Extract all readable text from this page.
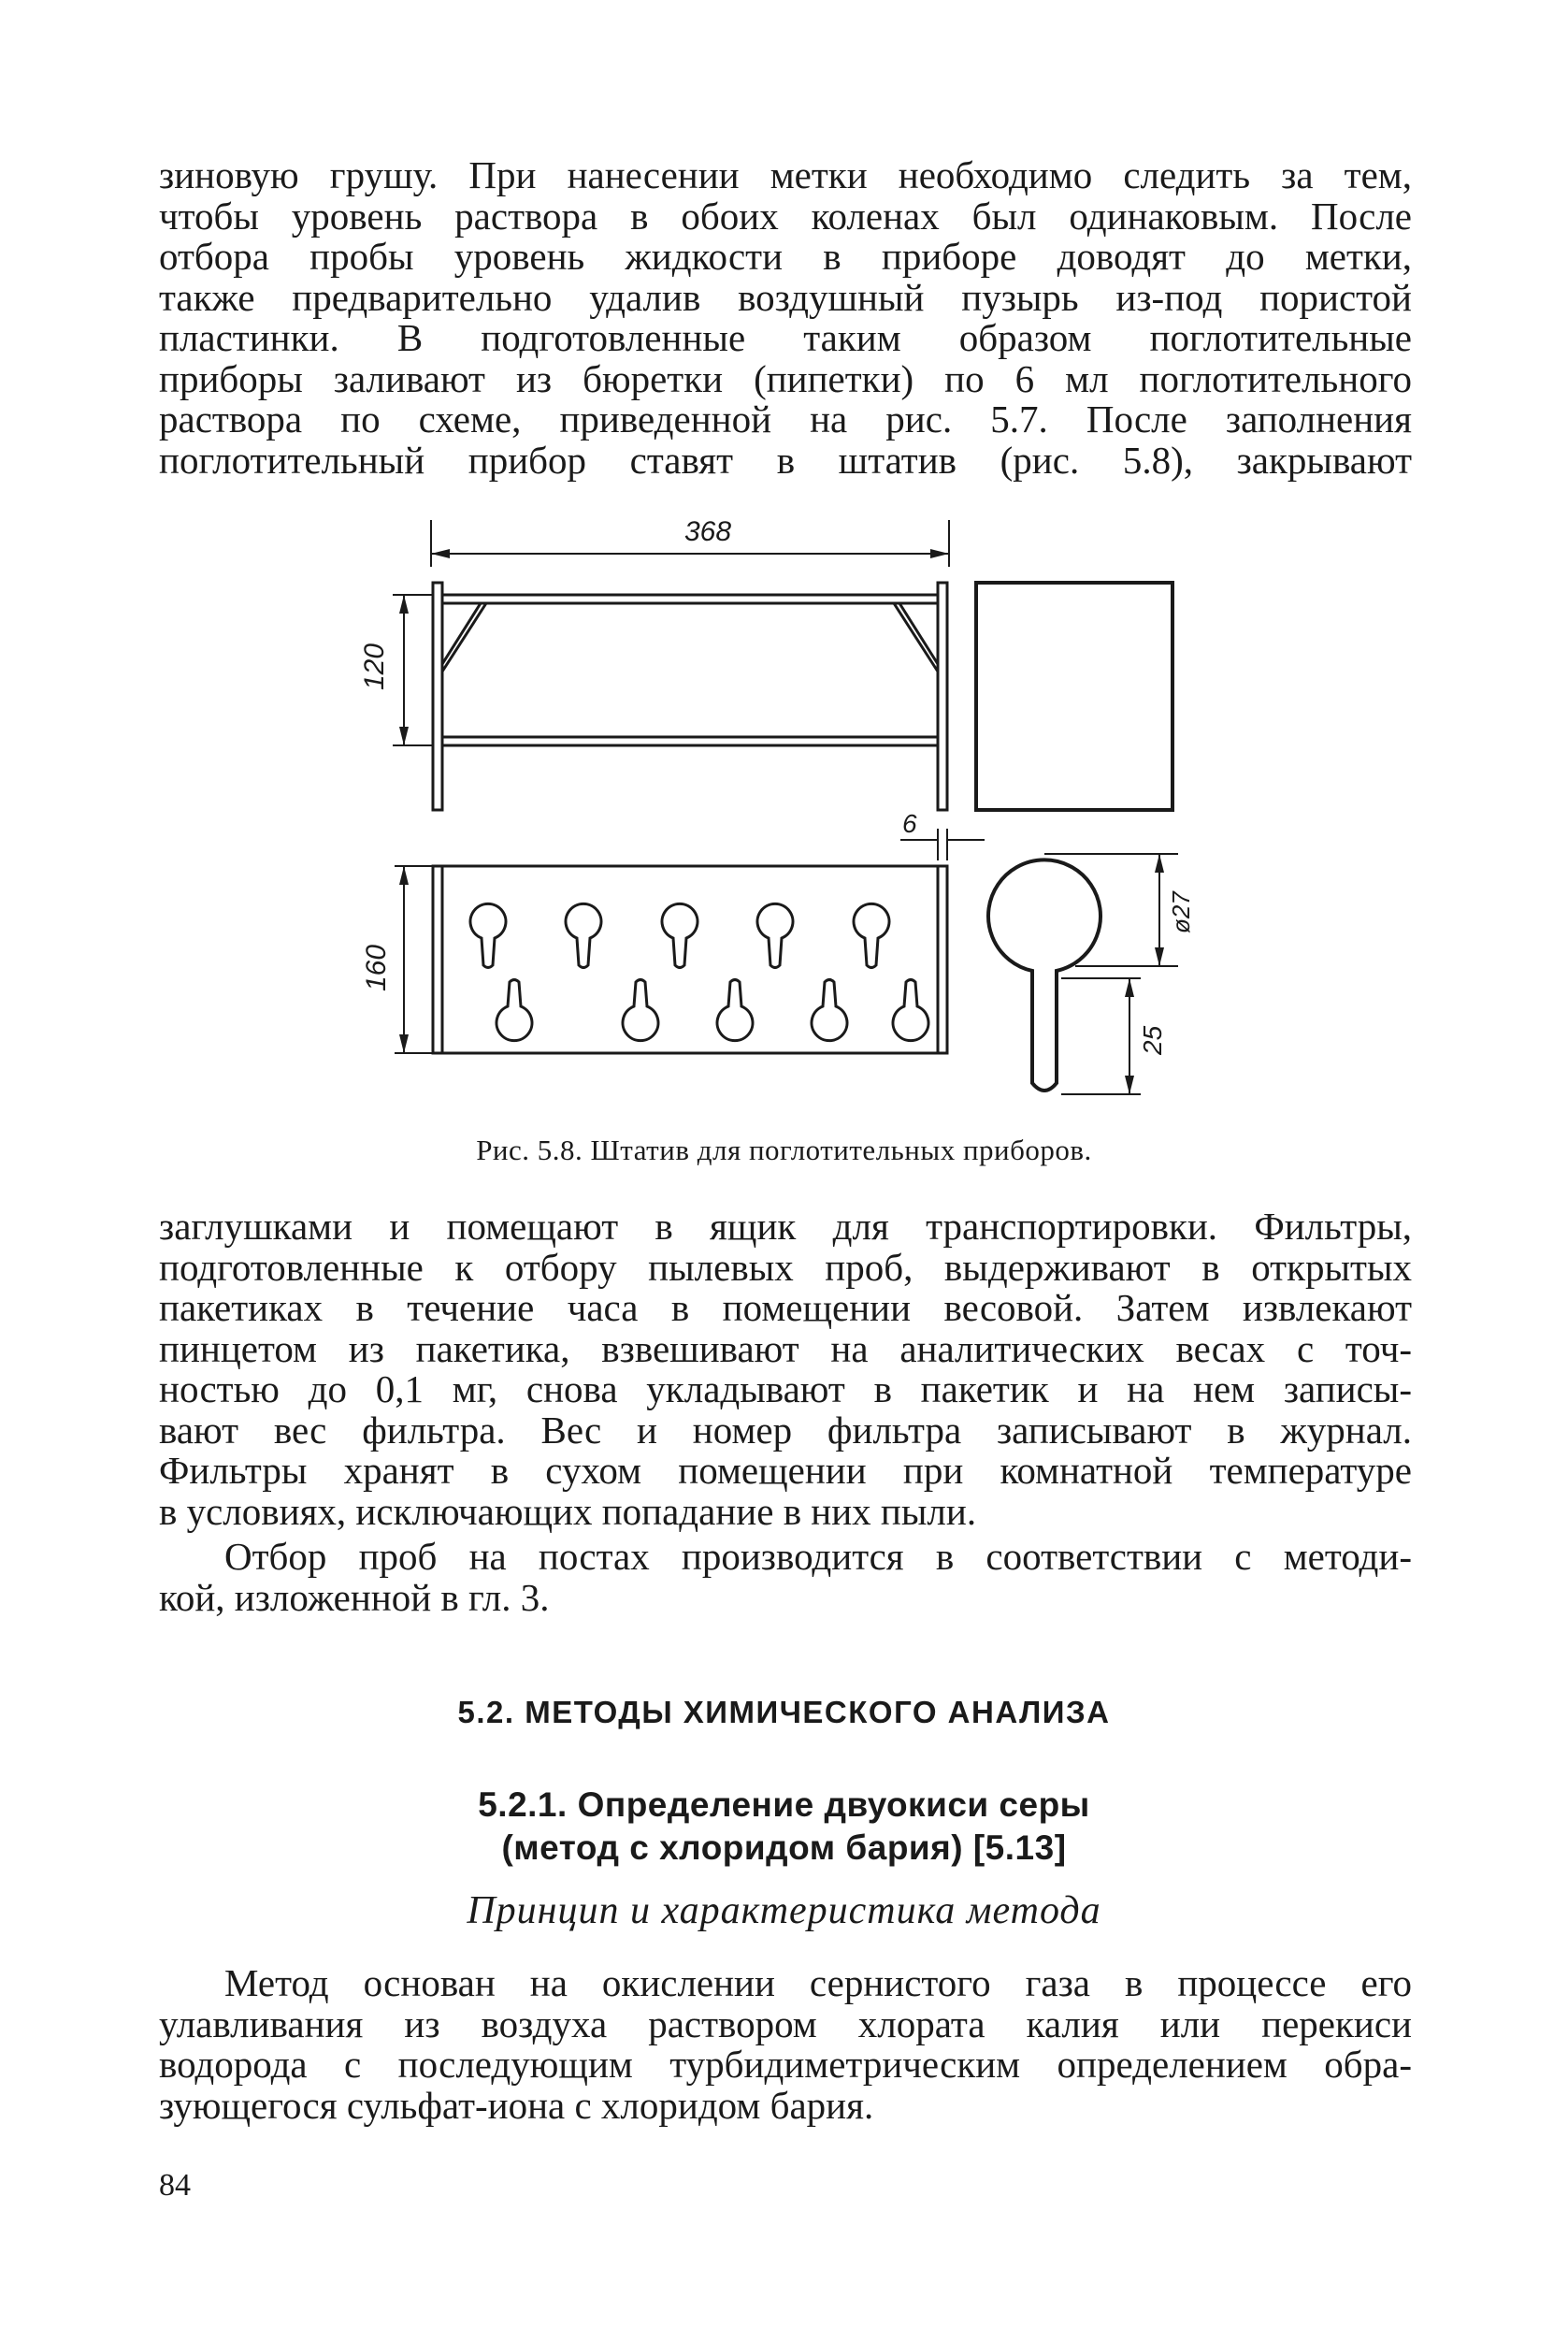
зиновую грушу. При нанесении метки необходимо следить за тем,
чтобы уровень раствора в обоих коленах был одинаковым. После
отбора пробы уровень жидкости в приборе доводят до метки,
также предварительно удалив воздушный пузырь из-под пористой
пластинки. В подготовленные таким образом поглотительные
приборы заливают из бюретки (пипетки) по 6 мл поглотительного
раствора по схеме, приведенной на рис. 5.7. После заполнения
поглотительный прибор ставят в штатив (рис. 5.8), закрывают
368
120
6
160
ø27
25
Рис. 5.8. Штатив для поглотительных приборов.
заглушками и помещают в ящик для транспортировки. Фильтры,
подготовленные к отбору пылевых проб, выдерживают в открытых
пакетиках в течение часа в помещении весовой. Затем извлекают
пинцетом из пакетика, взвешивают на аналитических весах с точ-
ностью до 0,1 мг, снова укладывают в пакетик и на нем записы-
вают вес фильтра. Вес и номер фильтра записывают в журнал.
Фильтры хранят в сухом помещении при комнатной температуре
в условиях, исключающих попадание в них пыли.
Отбор проб на постах производится в соответствии с методи-
кой, изложенной в гл. 3.
5.2. МЕТОДЫ ХИМИЧЕСКОГО АНАЛИЗА
5.2.1. Определение двуокиси серы
(метод с хлоридом бария) [5.13]
Принцип и характеристика метода
Метод основан на окислении сернистого газа в процессе его
улавливания из воздуха раствором хлората калия или перекиси
водорода с последующим турбидиметрическим определением обра-
зующегося сульфат-иона с хлоридом бария.
84
